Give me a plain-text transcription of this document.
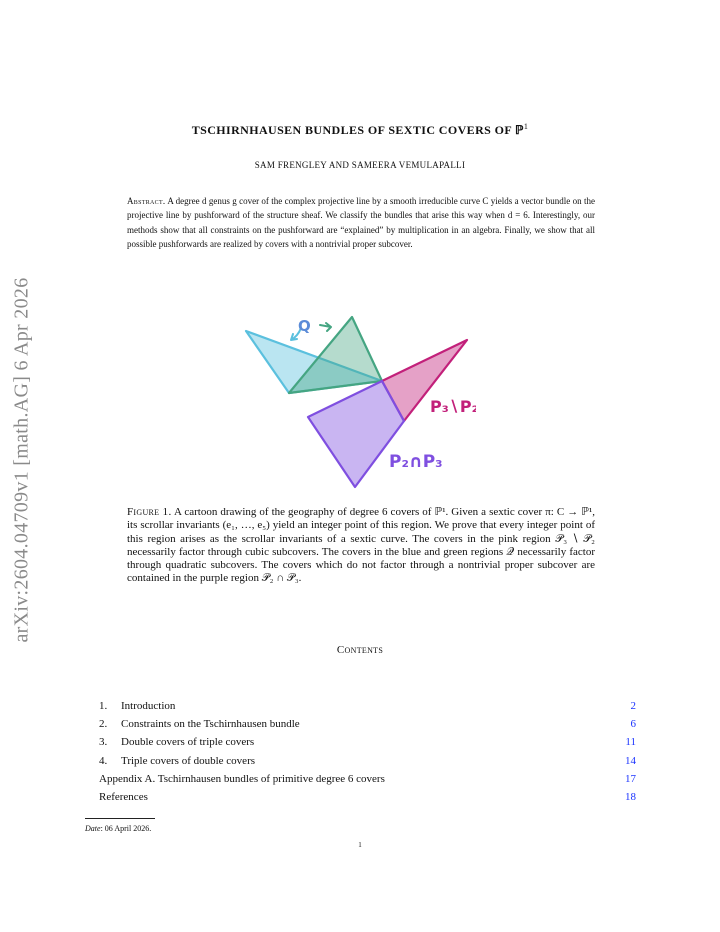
arXiv:2604.04709v1 [math.AG] 6 Apr 2026
TSCHIRNHAUSEN BUNDLES OF SEXTIC COVERS OF ℙ$^1$
SAM FRENGLEY AND SAMEERA VEMULAPALLI
Abstract. A degree d genus g cover of the complex projective line by a smooth irreducible curve C yields a vector bundle on the projective line by pushforward of the structure sheaf. We classify the bundles that arise this way when d = 6. Interestingly, our methods show that all constraints on the pushforward are “explained” by multiplication in an algebra. Finally, we show that all possible pushforwards are realized by covers with a nontrivial proper subcover.
Q
P₃∖P₂
P₂∩P₃
Figure 1. A cartoon drawing of the geography of degree 6 covers of ℙ¹. Given a sextic cover π: C → ℙ¹, its scrollar invariants (e₁, …, e₅) yield an integer point of this region. We prove that every integer point of this region arises as the scrollar invariants of a sextic curve. The covers in the pink region 𝒫₃ ∖ 𝒫₂ necessarily factor through cubic subcovers. The covers in the blue and green regions 𝒬 necessarily factor through quadratic subcovers. The covers which do not factor through a nontrivial proper subcover are contained in the purple region 𝒫₂ ∩ 𝒫₃.
Contents
1. Introduction	2
2. Constraints on the Tschirnhausen bundle	6
3. Double covers of triple covers	11
4. Triple covers of double covers	14
Appendix A. Tschirnhausen bundles of primitive degree 6 covers	17
References	18
Date: 06 April 2026.
1
